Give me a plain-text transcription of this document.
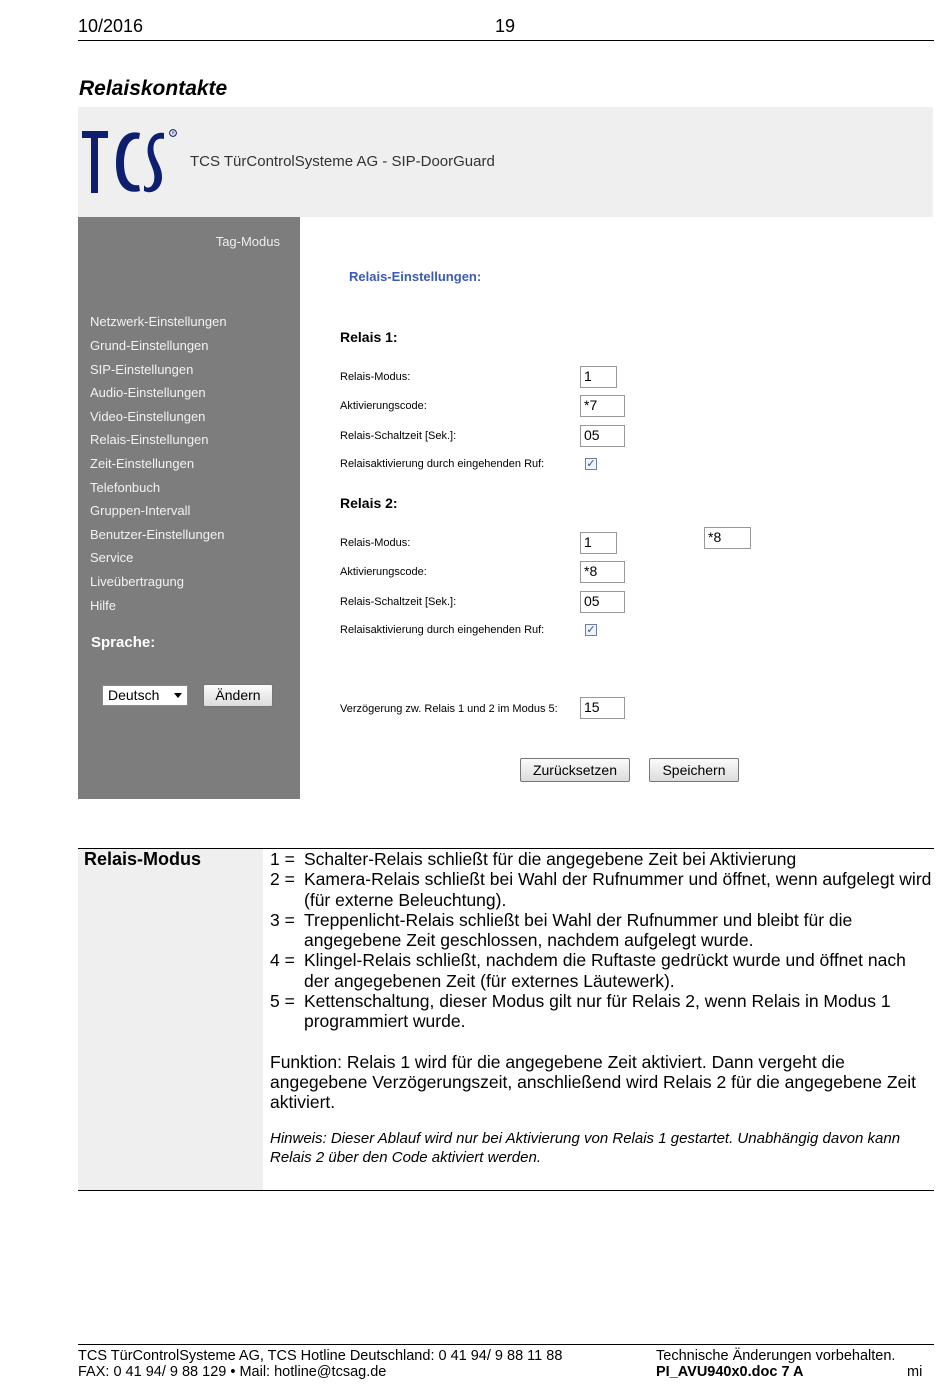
10/2016	19
Relaiskontakte
R
TCS TürControlSysteme AG - SIP-DoorGuard
Tag-Modus
Netzwerk-Einstellungen
Grund-Einstellungen
SIP-Einstellungen
Audio-Einstellungen
Video-Einstellungen
Relais-Einstellungen
Zeit-Einstellungen
Telefonbuch
Gruppen-Intervall
Benutzer-Einstellungen
Service
Liveübertragung
Hilfe
Sprache:
Deutsch	Ändern
Relais-Einstellungen:
Relais 1:
Relais-Modus:	1
Aktivierungscode:	*7
Relais-Schaltzeit [Sek.]:	05
Relaisaktivierung durch eingehenden Ruf:	✓
Relais 2:
Relais-Modus:	1	*8
Aktivierungscode:	*8
Relais-Schaltzeit [Sek.]:	05
Relaisaktivierung durch eingehenden Ruf:	✓
Verzögerung zw. Relais 1 und 2 im Modus 5: 15
Zurücksetzen	Speichern
Relais-Modus	1 = Schalter-Relais schließt für die angegebene Zeit bei Aktivierung
2 = Kamera-Relais schließt bei Wahl der Rufnummer und öffnet, wenn aufgelegt wird (für externe Beleuchtung).
3 = Treppenlicht-Relais schließt bei Wahl der Rufnummer und bleibt für die angegebene Zeit geschlossen, nachdem aufgelegt wurde.
4 = Klingel-Relais schließt, nachdem die Ruftaste gedrückt wurde und öffnet nach der angegebenen Zeit (für externes Läutewerk).
5 = Kettenschaltung, dieser Modus gilt nur für Relais 2, wenn Relais in Modus 1 programmiert wurde.
Funktion: Relais 1 wird für die angegebene Zeit aktiviert. Dann vergeht die angegebene Verzögerungszeit, anschließend wird Relais 2 für die angegebene Zeit aktiviert.
Hinweis: Dieser Ablauf wird nur bei Aktivierung von Relais 1 gestartet. Unabhängig davon kann Relais 2 über den Code aktiviert werden.
TCS TürControlSysteme AG, TCS Hotline Deutschland: 0 41 94/ 9 88 11 88	Technische Änderungen vorbehalten.
FAX: 0 41 94/ 9 88 129 • Mail: hotline@tcsag.de	PI_AVU940x0.doc 7 A	mi
